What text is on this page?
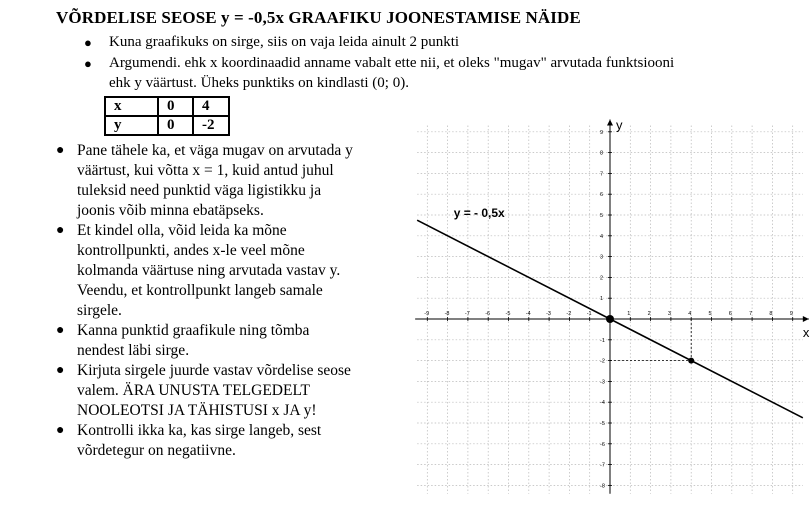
VÕRDELISE SEOSE y = -0,5x GRAAFIKU JOONESTAMISE NÄIDE
● Kuna graafikuks on sirge, siis on vaja leida ainult 2 punkti
● Argumendi. ehk x koordinaadid anname vabalt ette nii, et oleks "mugav" arvutada funktsiooni
ehk y väärtust. Üheks punktiks on kindlasti (0; 0).
x	0	4
y	0	-2
● Pane tähele ka, et väga mugav on arvutada y
väärtust, kui võtta x = 1, kuid antud juhul
tuleksid need punktid väga ligistikku ja
joonis võib minna ebatäpseks.
● Et kindel olla, võid leida ka mõne
kontrollpunkti, andes x-le veel mõne
kolmanda väärtuse ning arvutada vastav y.
Veendu, et kontrollpunkt langeb samale
sirgele.
● Kanna punktid graafikule ning tõmba
nendest läbi sirge.
● Kirjuta sirgele juurde vastav võrdelise seose
valem. ÄRA UNUSTA TELGEDELT
NOOLEOTSI JA TÄHISTUSI x JA y!
● Kontrolli ikka ka, kas sirge langeb, sest
võrdetegur on negatiivne.
-9	-8	-7	-6	-5	-4	-3	-2	-1	1	2	3	4	5	6	7	8	9
9
8
7
6
5
4
3
2
1
-1
-2
-3
-4
-5
-6
-7
-8
x
y
y = - 0,5x
